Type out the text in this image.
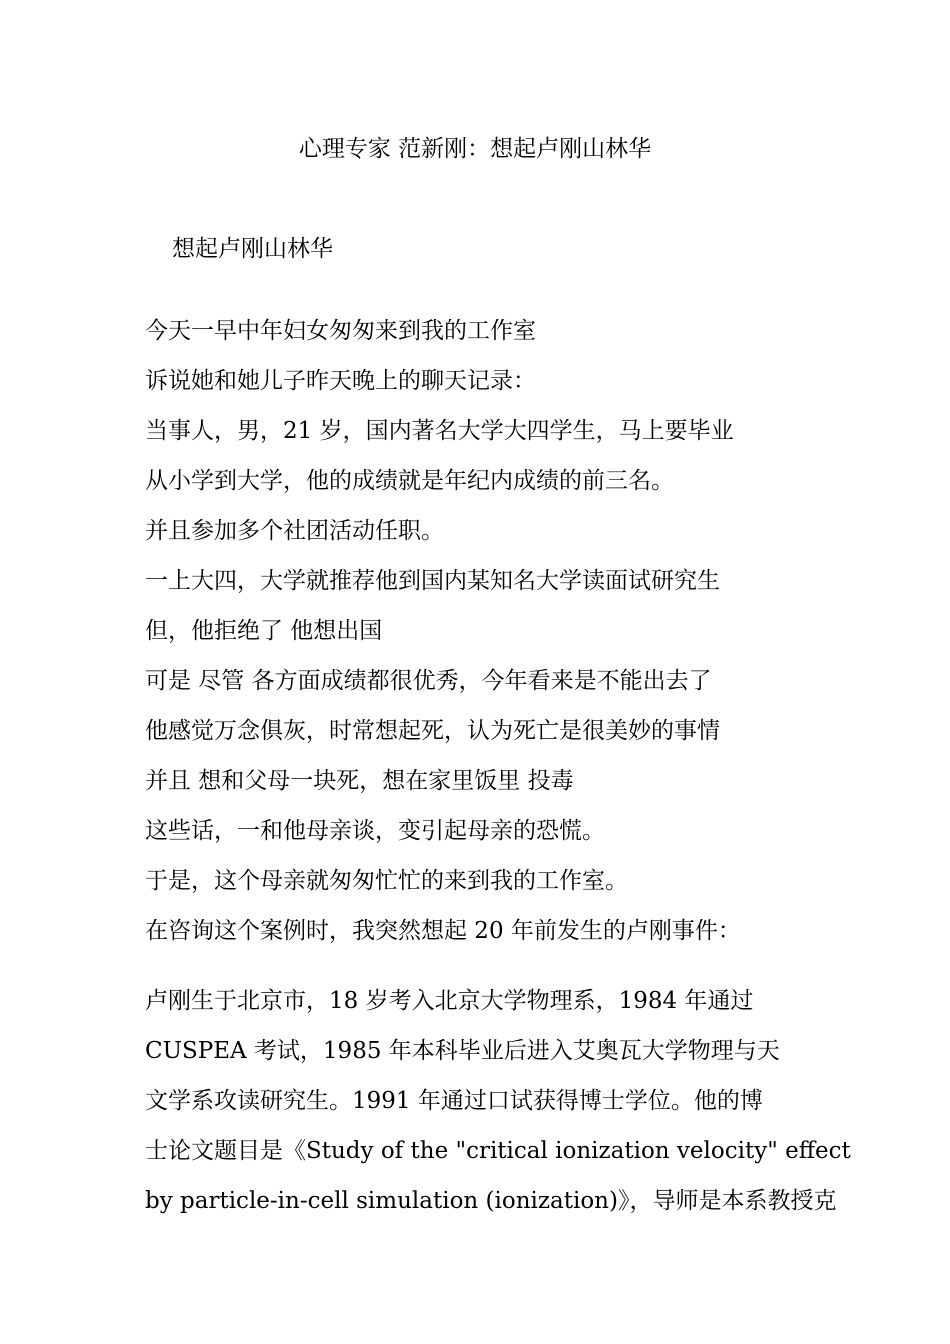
心理专家 范新刚：想起卢刚山林华
想起卢刚山林华
今天一早中年妇女匆匆来到我的工作室
诉说她和她儿子昨天晚上的聊天记录：
当事人，男，21 岁，国内著名大学大四学生，马上要毕业
从小学到大学，他的成绩就是年纪内成绩的前三名。
并且参加多个社团活动任职。
一上大四，大学就推荐他到国内某知名大学读面试研究生
但，他拒绝了 他想出国
可是 尽管 各方面成绩都很优秀，今年看来是不能出去了
他感觉万念俱灰，时常想起死，认为死亡是很美妙的事情
并且 想和父母一块死，想在家里饭里 投毒
这些话，一和他母亲谈，变引起母亲的恐慌。
于是，这个母亲就匆匆忙忙的来到我的工作室。
在咨询这个案例时，我突然想起 20 年前发生的卢刚事件：
卢刚生于北京市，18 岁考入北京大学物理系，1984 年通过
CUSPEA 考试，1985 年本科毕业后进入艾奥瓦大学物理与天
文学系攻读研究生。1991 年通过口试获得博士学位。他的博
士论文题目是《Study of the "critical ionization velocity" effect
by particle-in-cell simulation (ionization)》，导师是本系教授克
